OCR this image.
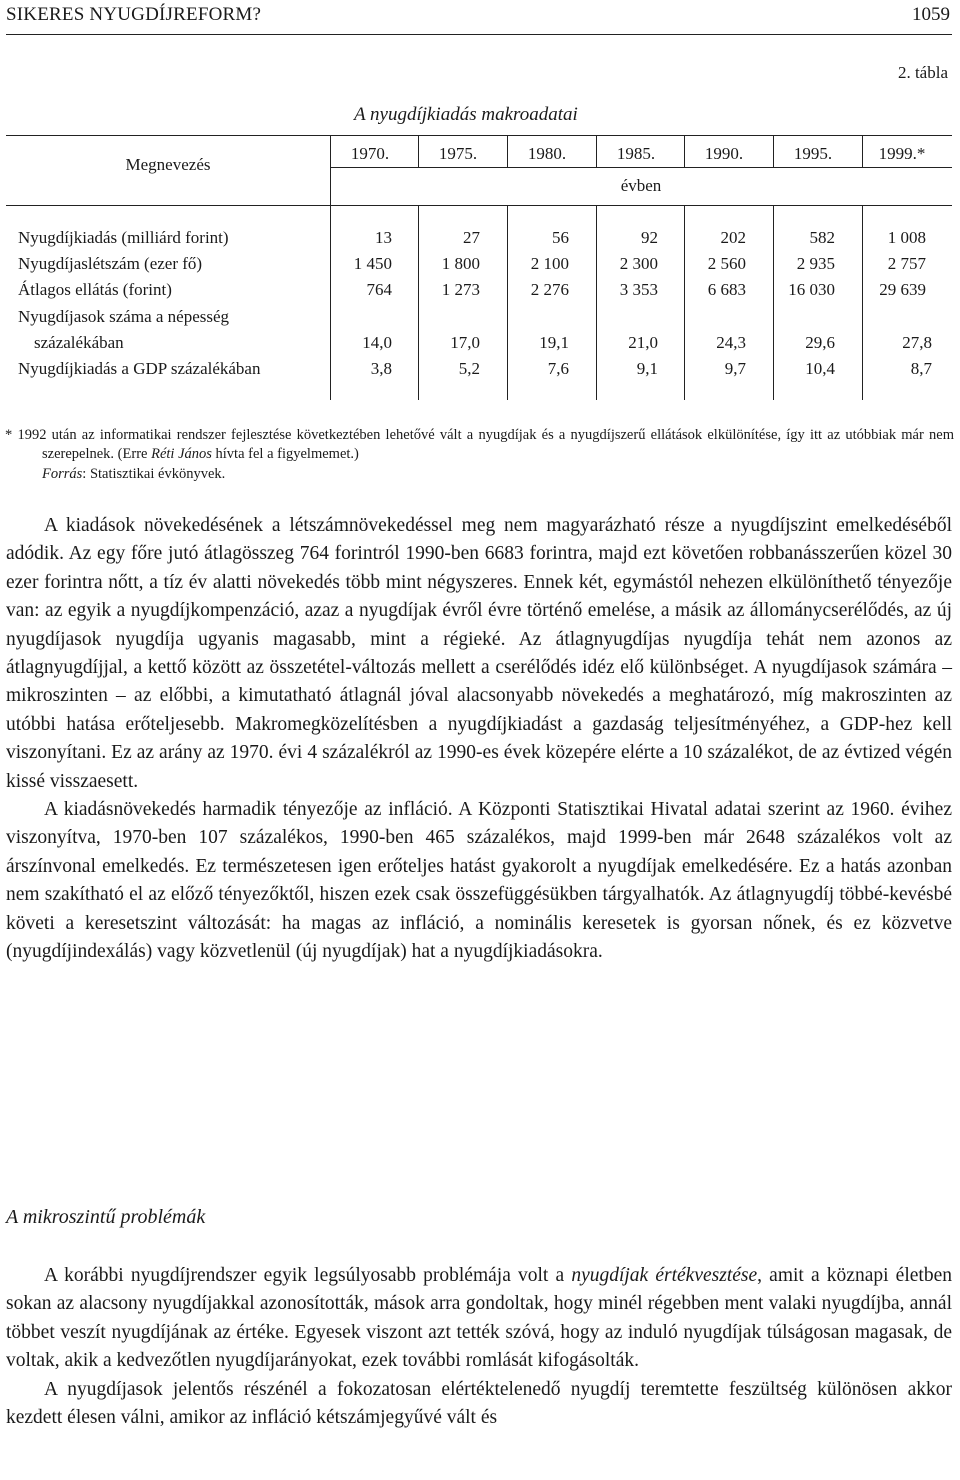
SIKERES NYUGDÍJREFORM?	1059
2. tábla
A nyugdíjkiadás makroadatai
Megnevezés
1970.	1975.	1980.	1985.	1990.	1995.	1999.*
évben
Nyugdíjkiadás (milliárd forint)	13	27	56	92	202	582	1 008
Nyugdíjaslétszám (ezer fő)	1 450	1 800	2 100	2 300	2 560	2 935	2 757
Átlagos ellátás (forint)	764	1 273	2 276	3 353	6 683	16 030	29 639
Nyugdíjasok száma a népesség
százalékában	14,0	17,0	19,1	21,0	24,3	29,6	27,8
Nyugdíjkiadás a GDP százalékában	3,8	5,2	7,6	9,1	9,7	10,4	8,7

* 1992 után az informatikai rendszer fejlesztése következtében lehetővé vált a nyugdíjak és a nyugdíjszerű ellátások elkülönítése, így itt az utóbbiak már nem szerepelnek. (Erre Réti János hívta fel a figyelmemet.)

Forrás: Statisztikai évkönyvek.

A kiadások növekedésének a létszámnövekedéssel meg nem magyarázható része a nyugdíjszint emelkedéséből adódik. Az egy főre jutó átlagösszeg 764 forintról 1990-ben 6683 forintra, majd ezt követően robbanásszerűen közel 30 ezer forintra nőtt, a tíz év alatti növekedés több mint négyszeres. Ennek két, egymástól nehezen elkülöníthető tényezője van: az egyik a nyugdíjkompenzáció, azaz a nyugdíjak évről évre történő emelése, a másik az állománycserélődés, az új nyugdíjasok nyugdíja ugyanis magasabb, mint a régieké. Az átlagnyugdíjas nyugdíja tehát nem azonos az átlagnyugdíjjal, a kettő között az összetétel-változás mellett a cserélődés idéz elő különbséget. A nyugdíjasok számára – mikroszinten – az előbbi, a kimutatható átlagnál jóval alacsonyabb növekedés a meghatározó, míg makroszinten az utóbbi hatása erőteljesebb. Makromegközelítésben a nyugdíjkiadást a gazdaság teljesítményéhez, a GDP-hez kell viszonyítani. Ez az arány az 1970. évi 4 százalékról az 1990-es évek közepére elérte a 10 százalékot, de az évtized végén kissé visszaesett.

A kiadásnövekedés harmadik tényezője az infláció. A Központi Statisztikai Hivatal adatai szerint az 1960. évihez viszonyítva, 1970-ben 107 százalékos, 1990-ben 465 százalékos, majd 1999-ben már 2648 százalékos volt az árszínvonal emelkedés. Ez természetesen igen erőteljes hatást gyakorolt a nyugdíjak emelkedésére. Ez a hatás azonban nem szakítható el az előző tényezőktől, hiszen ezek csak összefüggésükben tárgyalhatók. Az átlagnyugdíj többé-kevésbé követi a keresetszint változását: ha magas az infláció, a nominális keresetek is gyorsan nőnek, és ez közvetve (nyugdíjindexálás) vagy közvetlenül (új nyugdíjak) hat a nyugdíjkiadásokra.

A mikroszintű problémák

A korábbi nyugdíjrendszer egyik legsúlyosabb problémája volt a nyugdíjak értékvesztése, amit a köznapi életben sokan az alacsony nyugdíjakkal azonosították, mások arra gondoltak, hogy minél régebben ment valaki nyugdíjba, annál többet veszít nyugdíjának az értéke. Egyesek viszont azt tették szóvá, hogy az induló nyugdíjak túlságosan magasak, de voltak, akik a kedvezőtlen nyugdíjarányokat, ezek további romlását kifogásolták.

A nyugdíjasok jelentős részénél a fokozatosan elértéktelenedő nyugdíj teremtette feszültség különösen akkor kezdett élesen válni, amikor az infláció kétszámjegyűvé vált és
